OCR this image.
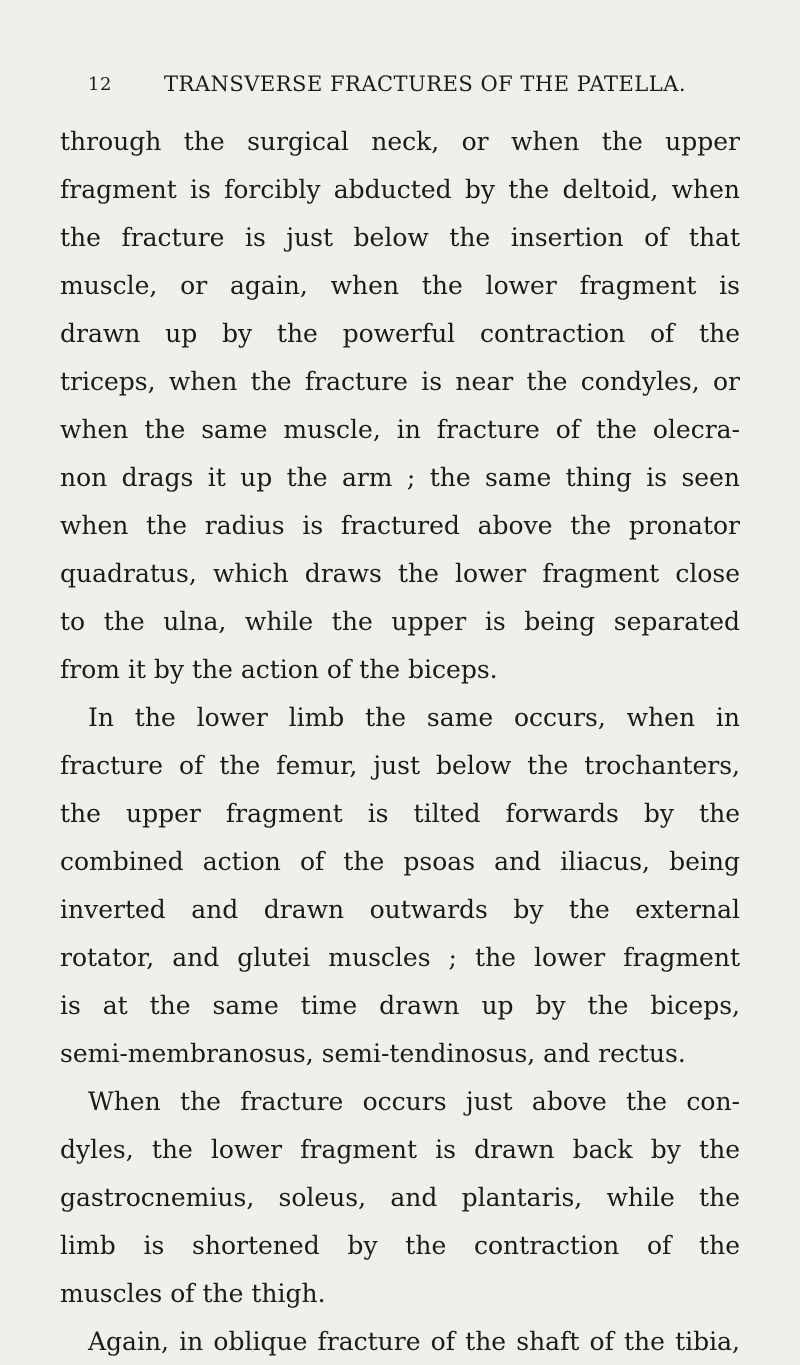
12 TRANSVERSE FRACTURES OF THE PATELLA.
through the surgical neck, or when the upper
fragment is forcibly abducted by the deltoid, when
the fracture is just below the insertion of that
muscle, or again, when the lower fragment is
drawn up by the powerful contraction of the
triceps, when the fracture is near the condyles, or
when the same muscle, in fracture of the olecra-
non drags it up the arm ; the same thing is seen
when the radius is fractured above the pronator
quadratus, which draws the lower fragment close
to the ulna, while the upper is being separated
from it by the action of the biceps.
In the lower limb the same occurs, when in
fracture of the femur, just below the trochanters,
the upper fragment is tilted forwards by the
combined action of the psoas and iliacus, being
inverted and drawn outwards by the external
rotator, and glutei muscles ; the lower fragment
is at the same time drawn up by the biceps,
semi-membranosus, semi-tendinosus, and rectus.
When the fracture occurs just above the con-
dyles, the lower fragment is drawn back by the
gastrocnemius, soleus, and plantaris, while the
limb is shortened by the contraction of the
muscles of the thigh.
Again, in oblique fracture of the shaft of the tibia,
